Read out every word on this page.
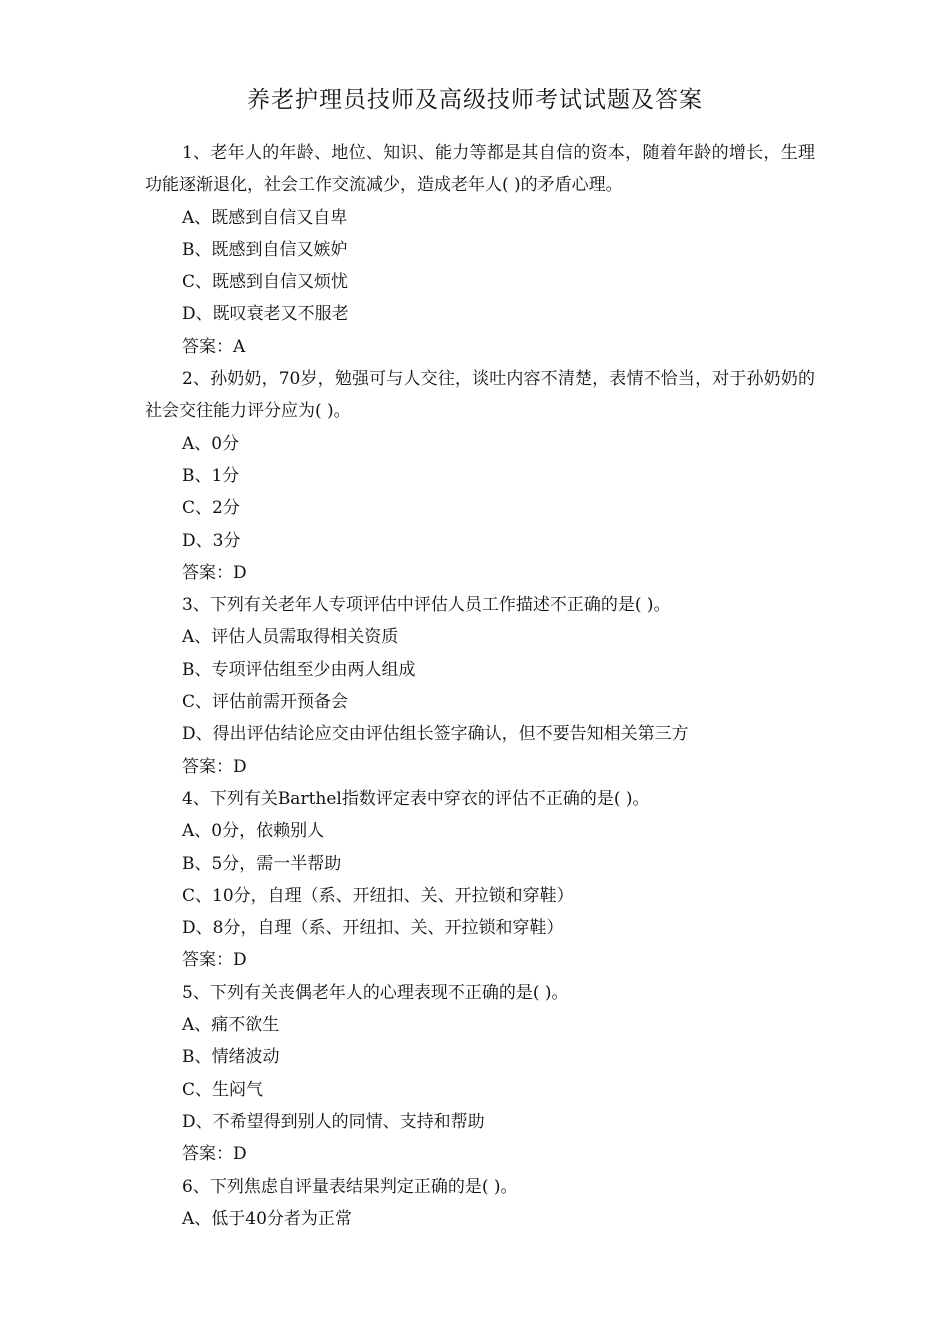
养老护理员技师及高级技师考试试题及答案
1、老年人的年龄、地位、知识、能力等都是其自信的资本，随着年龄的增长，生理功能逐渐退化，社会工作交流减少，造成老年人( )的矛盾心理。
A、既感到自信又自卑
B、既感到自信又嫉妒
C、既感到自信又烦忧
D、既叹衰老又不服老
答案：A
2、孙奶奶，70岁，勉强可与人交往，谈吐内容不清楚，表情不恰当，对于孙奶奶的社会交往能力评分应为( )。
A、0分
B、1分
C、2分
D、3分
答案：D
3、下列有关老年人专项评估中评估人员工作描述不正确的是( )。
A、评估人员需取得相关资质
B、专项评估组至少由两人组成
C、评估前需开预备会
D、得出评估结论应交由评估组长签字确认，但不要告知相关第三方
答案：D
4、下列有关Barthel指数评定表中穿衣的评估不正确的是( )。
A、0分，依赖别人
B、5分，需一半帮助
C、10分，自理（系、开纽扣、关、开拉锁和穿鞋）
D、8分，自理（系、开纽扣、关、开拉锁和穿鞋）
答案：D
5、下列有关丧偶老年人的心理表现不正确的是( )。
A、痛不欲生
B、情绪波动
C、生闷气
D、不希望得到别人的同情、支持和帮助
答案：D
6、下列焦虑自评量表结果判定正确的是( )。
A、低于40分者为正常
